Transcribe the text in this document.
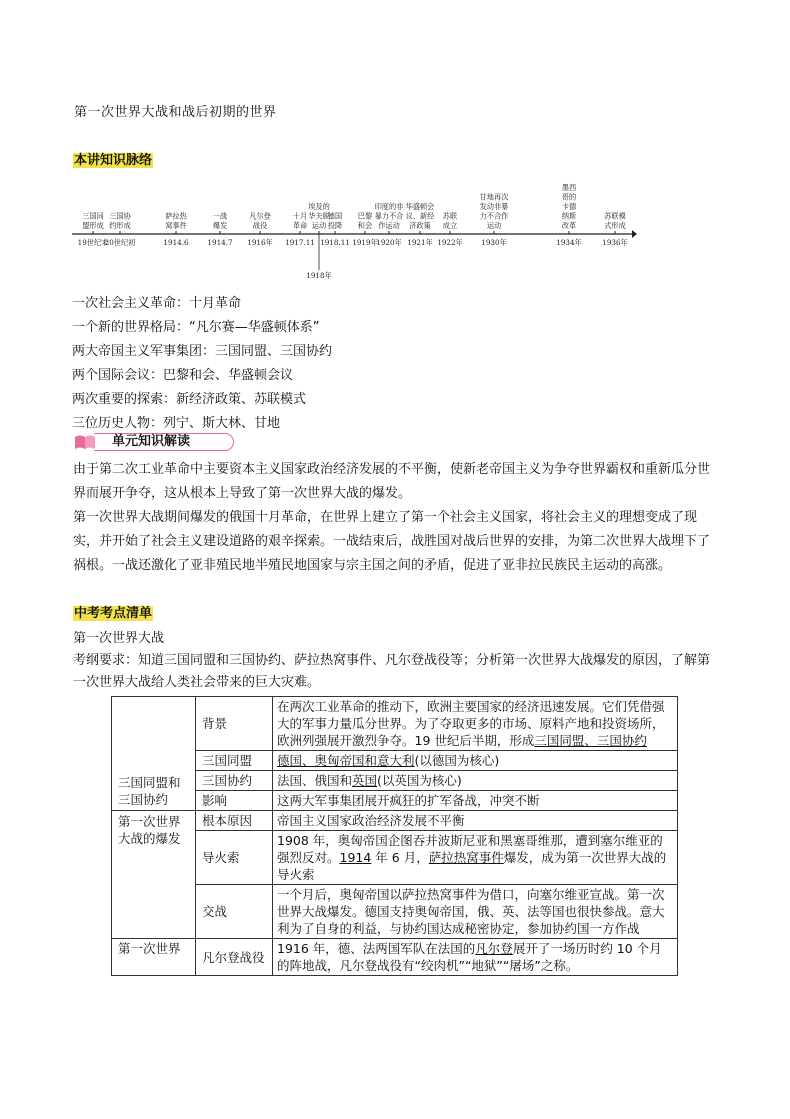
第一次世界大战和战后初期的世界
本讲知识脉络
三国同盟形成
19世纪末
三国协约形成
20世纪初
萨拉热窝事件
1914.6
一战爆发
1914.7
凡尔登战役
1916年
十月革命
1917.11
埃及的华夫脱运动
1918年
德国投降
1918.11
巴黎和会
1919年
印度的非暴力不合作运动
1920年
华盛顿会议、新经济政策
1921年
苏联成立
1922年
甘地再次发动非暴力不合作运动
1930年
墨西哥的卡德纳斯改革
1934年
苏联模式形成
1936年
一次社会主义革命：十月革命
一个新的世界格局：“凡尔赛—华盛顿体系”
两大帝国主义军事集团：三国同盟、三国协约
两个国际会议：巴黎和会、华盛顿会议
两次重要的探索：新经济政策、苏联模式
三位历史人物：列宁、斯大林、甘地
单元知识解读
由于第二次工业革命中主要资本主义国家政治经济发展的不平衡，使新老帝国主义为争夺世界霸权和重新瓜分世界而展开争夺，这从根本上导致了第一次世界大战的爆发。
第一次世界大战期间爆发的俄国十月革命，在世界上建立了第一个社会主义国家，将社会主义的理想变成了现实，并开始了社会主义建设道路的艰辛探索。一战结束后，战胜国对战后世界的安排，为第二次世界大战埋下了祸根。一战还激化了亚非殖民地半殖民地国家与宗主国之间的矛盾，促进了亚非拉民族民主运动的高涨。
中考考点清单
第一次世界大战
考纲要求：知道三国同盟和三国协约、萨拉热窝事件、凡尔登战役等；分析第一次世界大战爆发的原因，了解第一次世界大战给人类社会带来的巨大灾难。
三国同盟和三国协约	背景	在两次工业革命的推动下，欧洲主要国家的经济迅速发展。它们凭借强大的军事力量瓜分世界。为了夺取更多的市场、原料产地和投资场所，欧洲列强展开激烈争夺。19 世纪后半期，形成三国同盟、三国协约
	三国同盟	德国、奥匈帝国和意大利(以德国为核心)
	三国协约	法国、俄国和英国(以英国为核心)
	影响	这两大军事集团展开疯狂的扩军备战，冲突不断
第一次世界大战的爆发	根本原因	帝国主义国家政治经济发展不平衡
	导火索	1908 年，奥匈帝国企图吞并波斯尼亚和黑塞哥维那，遭到塞尔维亚的强烈反对。1914 年 6 月，萨拉热窝事件爆发，成为第一次世界大战的导火索
	交战	一个月后，奥匈帝国以萨拉热窝事件为借口，向塞尔维亚宣战。第一次世界大战爆发。德国支持奥匈帝国，俄、英、法等国也很快参战。意大利为了自身的利益，与协约国达成秘密协定，参加协约国一方作战
第一次世界	凡尔登战役	1916 年，德、法两国军队在法国的凡尔登展开了一场历时约 10 个月的阵地战，凡尔登战役有“绞肉机”“地狱”“屠场”之称。
